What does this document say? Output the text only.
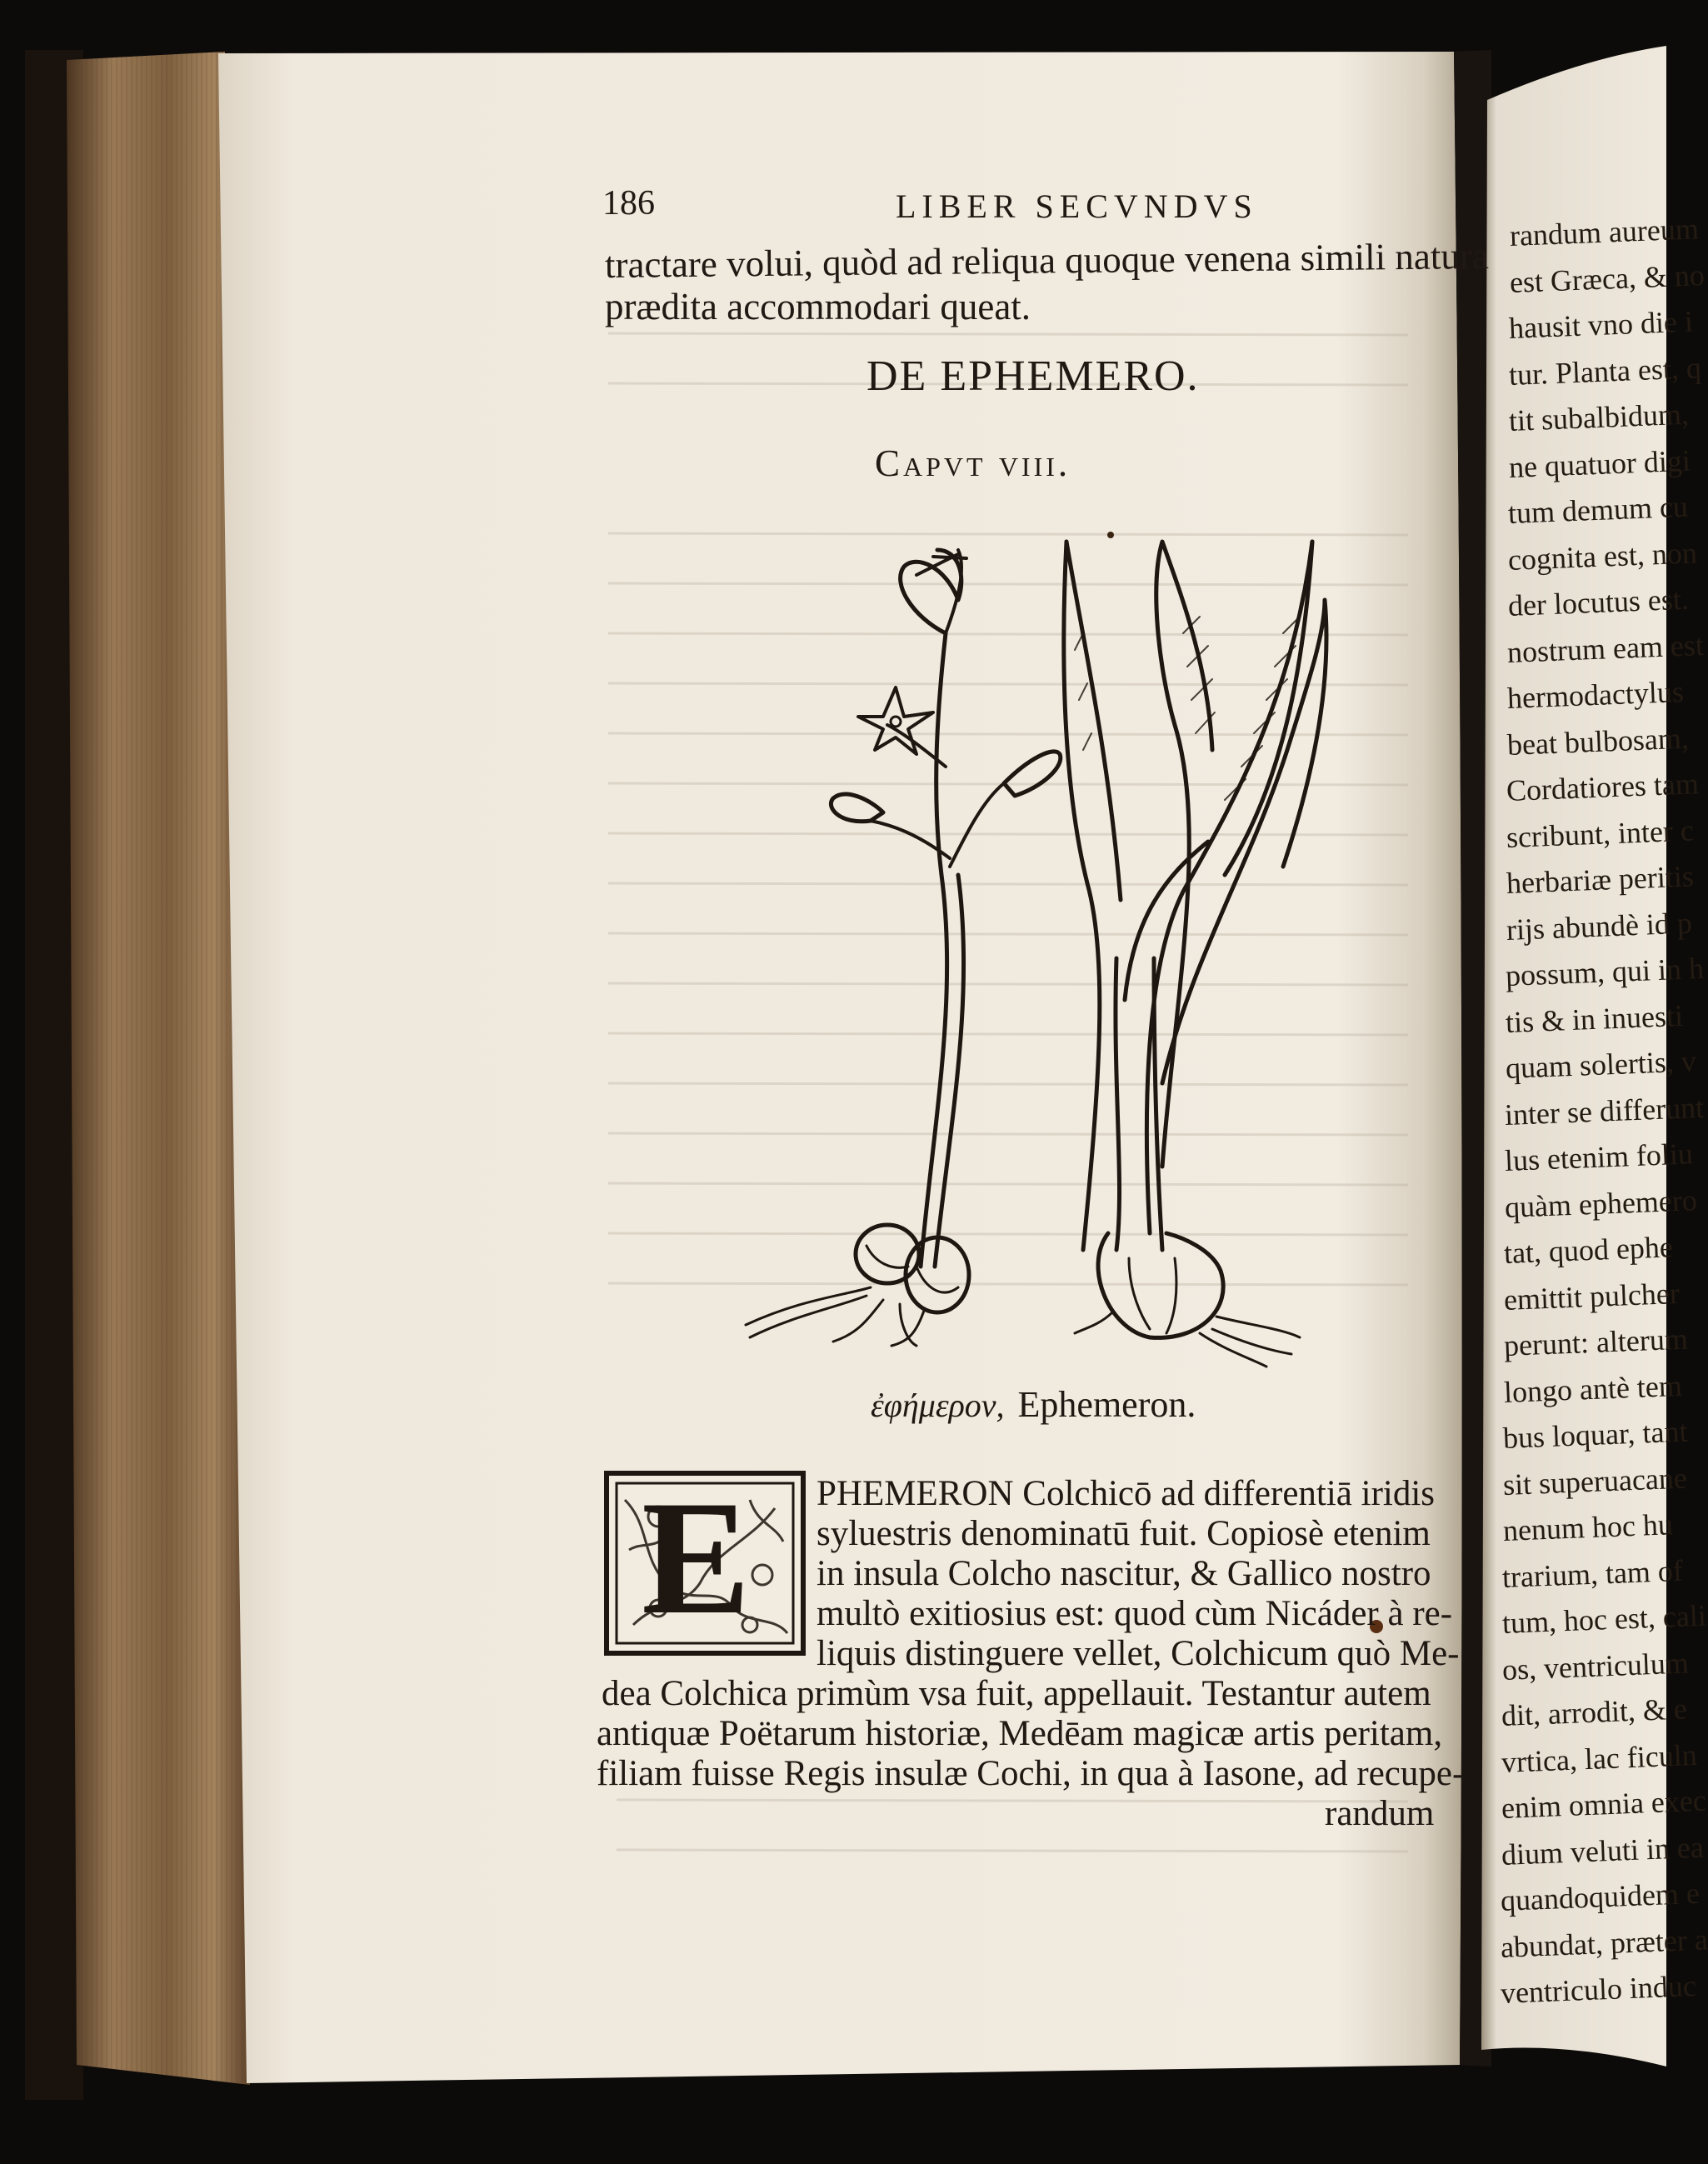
186	LIBER SECVNDVS
tractare volui, quòd ad reliqua quoque venena simili natura
prædita accommodari queat.
DE EPHEMERO.
Capvt viii.
ἐφήμερον, Ephemeron.
E PHEMERON Colchicō ad differentiā iridis
syluestris denominatū fuit. Copiosè etenim
in insula Colcho nascitur, & Gallico nostro
multò exitiosius est: quod cùm Nicáder à re-
liquis distinguere vellet, Colchicum quò Me-
dea Colchica primùm vsa fuit, appellauit. Testantur autem
antiquæ Poëtarum historiæ, Medēam magicæ artis peritam,
filiam fuisse Regis insulæ Cochi, in qua à Iasone, ad recupe-
randum
randum aureum
est Græca, & no
hausit vno die i
tur. Planta est, q
tit subalbidum,
ne quatuor digi
tum demum cu
cognita est, non
der locutus est.
nostrum eam est
hermodactylus
beat bulbosam,
Cordatiores tam
scribunt, inter c
herbariæ peritis
rijs abundè id p
possum, qui in h
tis & in inuesti
quam solertis, v
inter se differunt
lus etenim foliu
quàm ephemero
tat, quod ephe
emittit pulcher
perunt: alterum
longo antè tem
bus loquar, tant
sit superuacane
nenum hoc hu
trarium, tam of
tum, hoc est, cali
os, ventriculum
dit, arrodit, & e
vrtica, lac ficuln
enim omnia exec
dium veluti in ea
quandoquidem e
abundat, præter a
ventriculo induc
